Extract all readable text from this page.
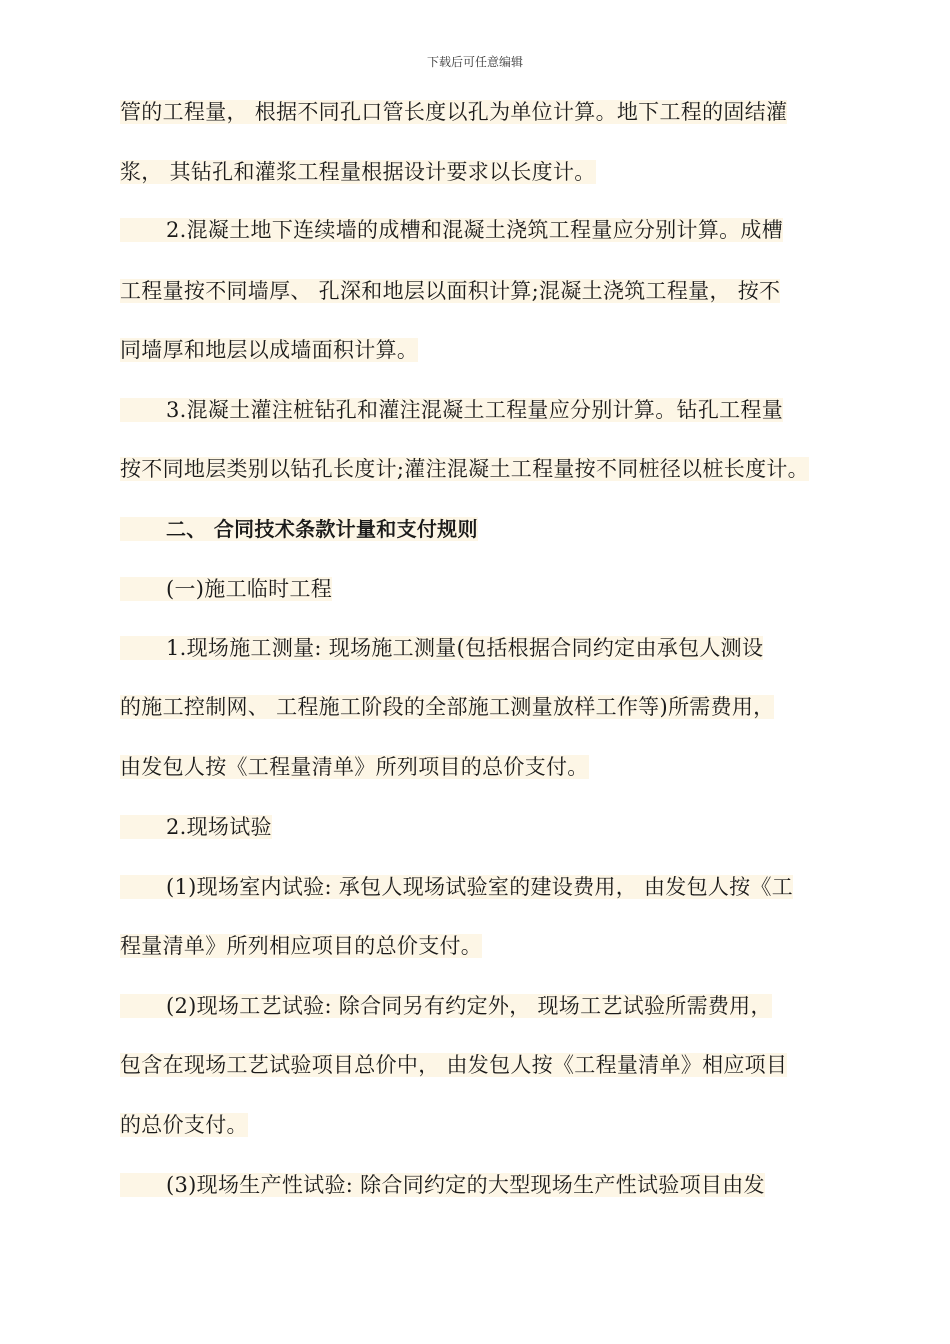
下载后可任意编辑
管的工程量， 根据不同孔口管长度以孔为单位计算。地下工程的固结灌
浆， 其钻孔和灌浆工程量根据设计要求以长度计。
2.混凝土地下连续墙的成槽和混凝土浇筑工程量应分别计算。成槽
工程量按不同墙厚、 孔深和地层以面积计算;混凝土浇筑工程量， 按不
同墙厚和地层以成墙面积计算。
3.混凝土灌注桩钻孔和灌注混凝土工程量应分别计算。钻孔工程量
按不同地层类别以钻孔长度计;灌注混凝土工程量按不同桩径以桩长度计。
二、 合同技术条款计量和支付规则
(一)施工临时工程
1.现场施工测量: 现场施工测量(包括根据合同约定由承包人测设
的施工控制网、 工程施工阶段的全部施工测量放样工作等)所需费用，
由发包人按《工程量清单》所列项目的总价支付。
2.现场试验
(1)现场室内试验: 承包人现场试验室的建设费用， 由发包人按《工
程量清单》所列相应项目的总价支付。
(2)现场工艺试验: 除合同另有约定外， 现场工艺试验所需费用，
包含在现场工艺试验项目总价中， 由发包人按《工程量清单》相应项目
的总价支付。
(3)现场生产性试验: 除合同约定的大型现场生产性试验项目由发
